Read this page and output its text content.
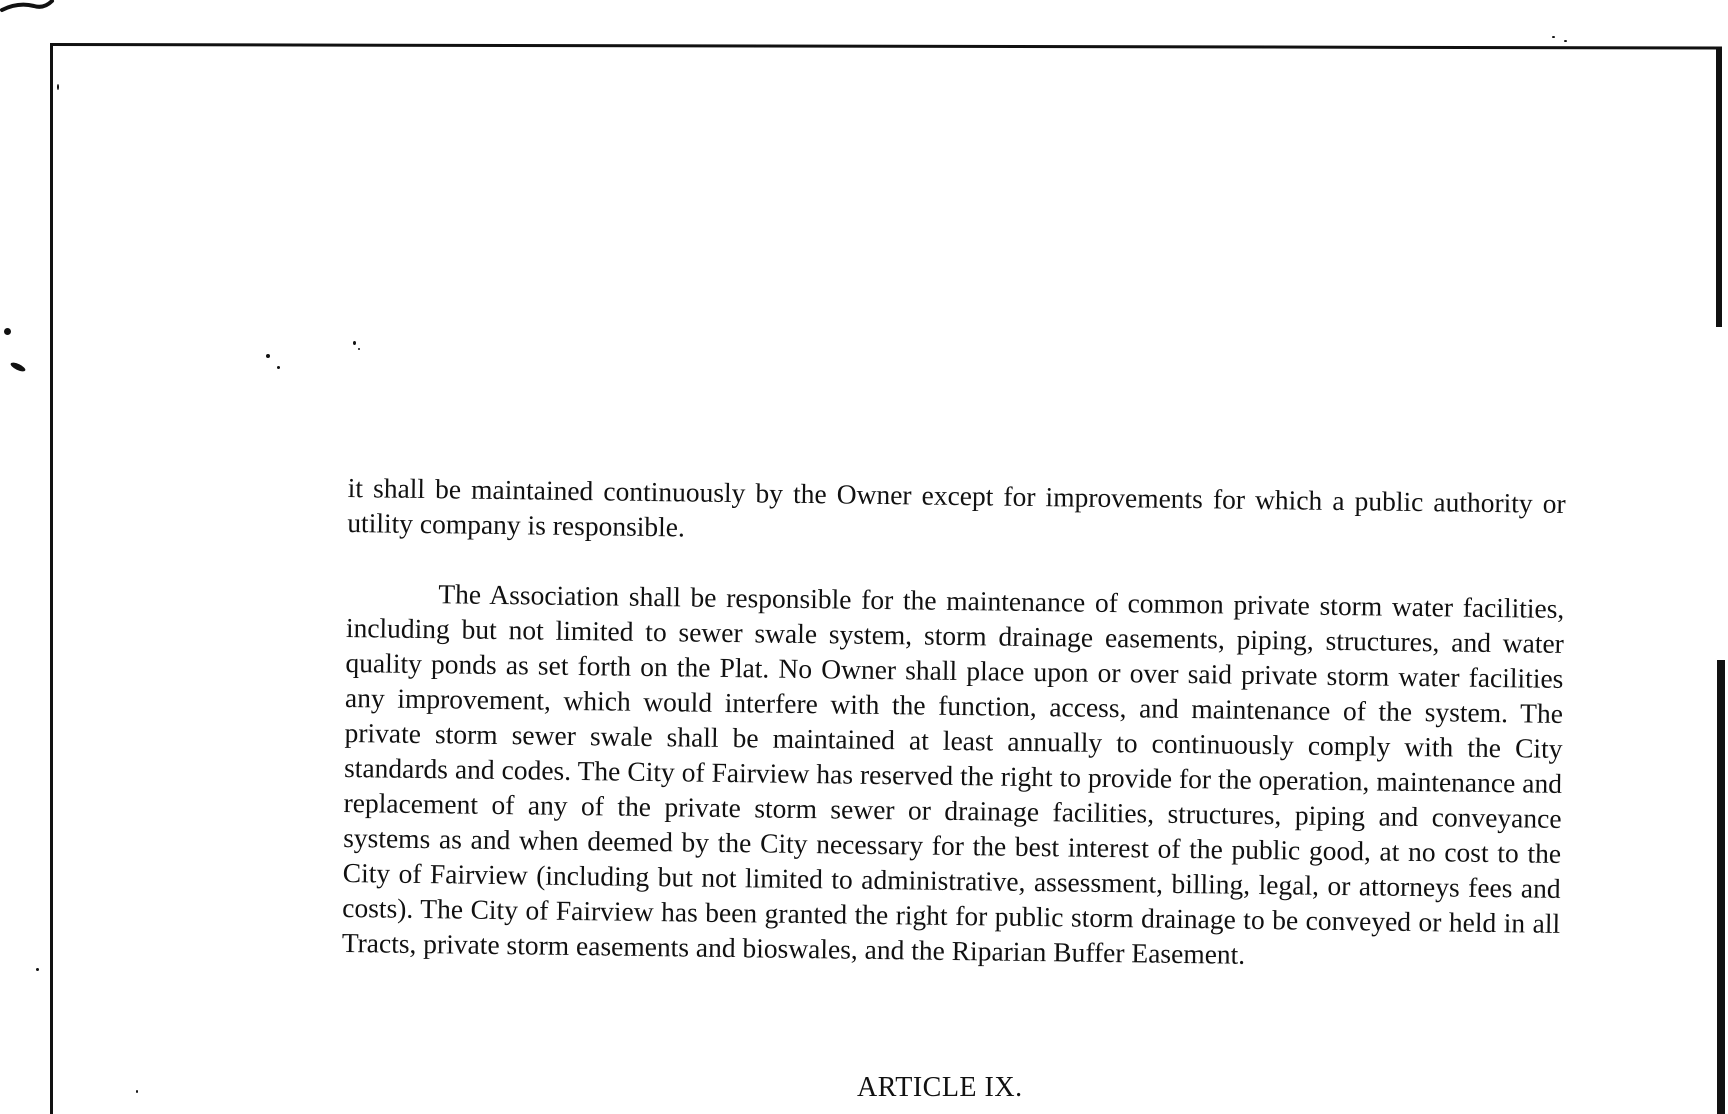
it shall be maintained continuously by the Owner except for improvements for which a public authority or utility company is responsible.

The Association shall be responsible for the maintenance of common private storm water facilities, including but not limited to sewer swale system, storm drainage easements, piping, structures, and water quality ponds as set forth on the Plat. No Owner shall place upon or over said private storm water facilities any improvement, which would interfere with the function, access, and maintenance of the system. The private storm sewer swale shall be maintained at least annually to continuously comply with the City standards and codes. The City of Fairview has reserved the right to provide for the operation, maintenance and replacement of any of the private storm sewer or drainage facilities, structures, piping and conveyance systems as and when deemed by the City necessary for the best interest of the public good, at no cost to the City of Fairview (including but not limited to administrative, assessment, billing, legal, or attorneys fees and costs). The City of Fairview has been granted the right for public storm drainage to be conveyed or held in all Tracts, private storm easements and bioswales, and the Riparian Buffer Easement.

ARTICLE IX.
